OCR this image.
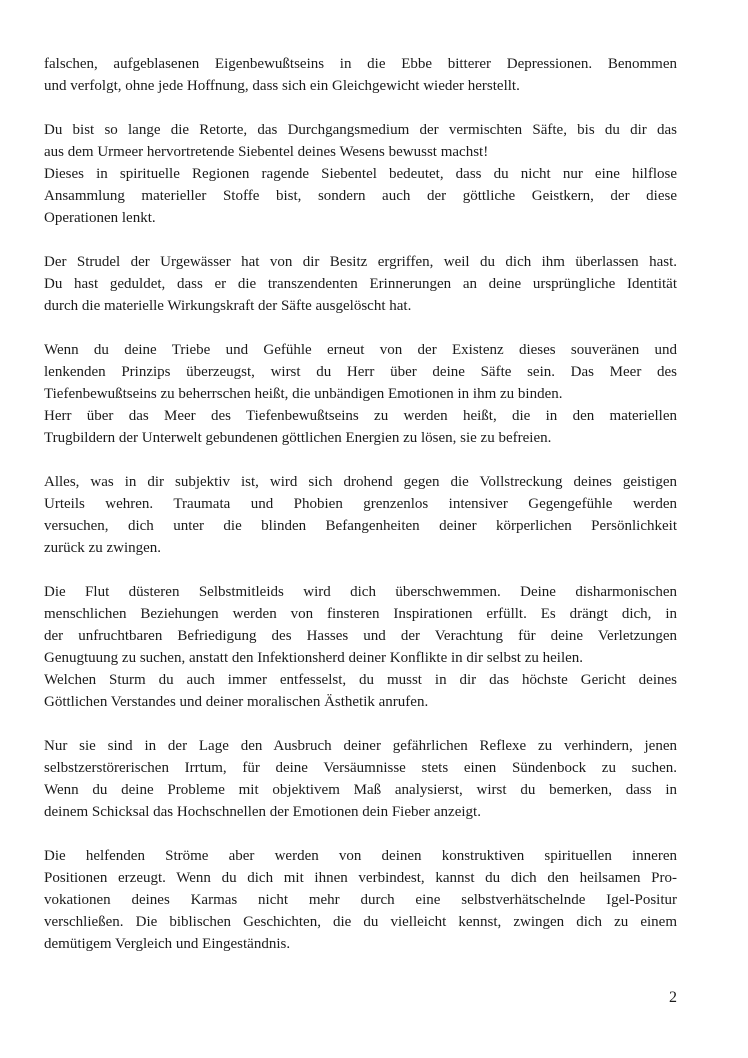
falschen, aufgeblasenen Eigenbewußtseins in die Ebbe bitterer Depressionen. Benommen
und verfolgt, ohne jede Hoffnung, dass sich ein Gleichgewicht wieder herstellt.
Du bist so lange die Retorte, das Durchgangsmedium der vermischten Säfte, bis du dir das
aus dem Urmeer hervortretende Siebentel deines Wesens bewusst machst!
Dieses in spirituelle Regionen ragende Siebentel bedeutet, dass du nicht nur eine hilflose
Ansammlung materieller Stoffe bist, sondern auch der göttliche Geistkern, der diese
Operationen lenkt.
Der Strudel der Urgewässer hat von dir Besitz ergriffen, weil du dich ihm überlassen hast.
Du hast geduldet, dass er die transzendenten Erinnerungen an deine ursprüngliche Identität
durch die materielle Wirkungskraft der Säfte ausgelöscht hat.
Wenn du deine Triebe und Gefühle erneut von der Existenz dieses souveränen und
lenkenden Prinzips überzeugst, wirst du Herr über deine Säfte sein. Das Meer des
Tiefenbewußtseins zu beherrschen heißt, die unbändigen Emotionen in ihm zu binden.
Herr über das Meer des Tiefenbewußtseins zu werden heißt, die in den materiellen
Trugbildern der Unterwelt gebundenen göttlichen Energien zu lösen, sie zu befreien.
Alles, was in dir subjektiv ist, wird sich drohend gegen die Vollstreckung deines geistigen
Urteils wehren. Traumata und Phobien grenzenlos intensiver Gegengefühle werden
versuchen, dich unter die blinden Befangenheiten deiner körperlichen Persönlichkeit
zurück zu zwingen.
Die Flut düsteren Selbstmitleids wird dich überschwemmen. Deine disharmonischen
menschlichen Beziehungen werden von finsteren Inspirationen erfüllt. Es drängt dich, in
der unfruchtbaren Befriedigung des Hasses und der Verachtung für deine Verletzungen
Genugtuung zu suchen, anstatt den Infektionsherd deiner Konflikte in dir selbst zu heilen.
Welchen Sturm du auch immer entfesselst, du musst in dir das höchste Gericht deines
Göttlichen Verstandes und deiner moralischen Ästhetik anrufen.
Nur sie sind in der Lage den Ausbruch deiner gefährlichen Reflexe zu verhindern, jenen
selbstzerstörerischen Irrtum, für deine Versäumnisse stets einen Sündenbock zu suchen.
Wenn du deine Probleme mit objektivem Maß analysierst, wirst du bemerken, dass in
deinem Schicksal das Hochschnellen der Emotionen dein Fieber anzeigt.
Die helfenden Ströme aber werden von deinen konstruktiven spirituellen inneren
Positionen erzeugt. Wenn du dich mit ihnen verbindest, kannst du dich den heilsamen Pro-
vokationen deines Karmas nicht mehr durch eine selbstverhätschelnde Igel-Positur
verschließen. Die biblischen Geschichten, die du vielleicht kennst, zwingen dich zu einem
demütigem Vergleich und Eingeständnis.
2
